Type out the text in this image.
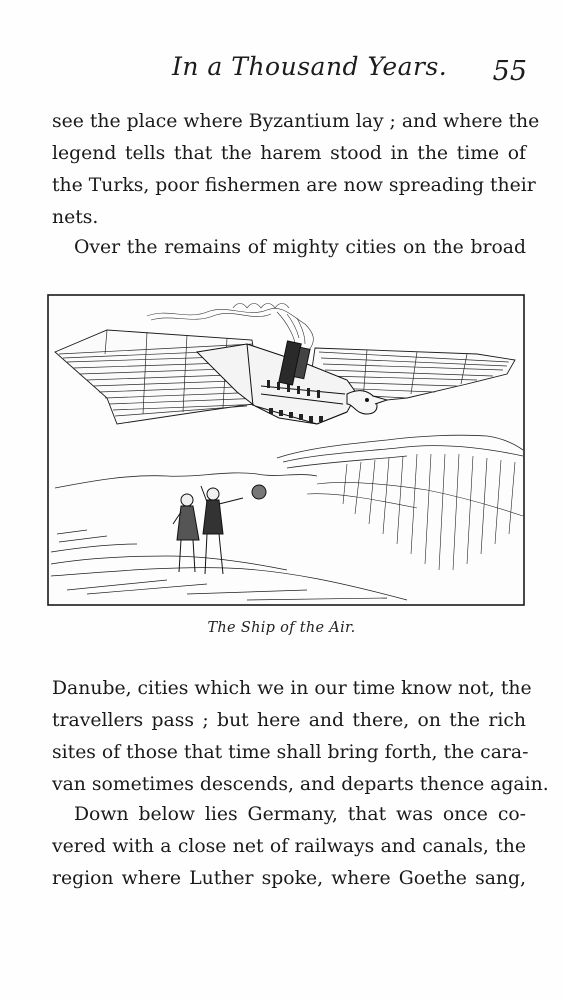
In a Thousand Years. 55
see the place where Byzantium lay ; and where the
legend tells that the harem stood in the time of
the Turks, poor fishermen are now spreading their
nets.
Over the remains of mighty cities on the broad
The Ship of the Air.
Danube, cities which we in our time know not, the
travellers pass ; but here and there, on the rich
sites of those that time shall bring forth, the cara-
van sometimes descends, and departs thence again.
Down below lies Germany, that was once co-
vered with a close net of railways and canals, the
region where Luther spoke, where Goethe sang,
